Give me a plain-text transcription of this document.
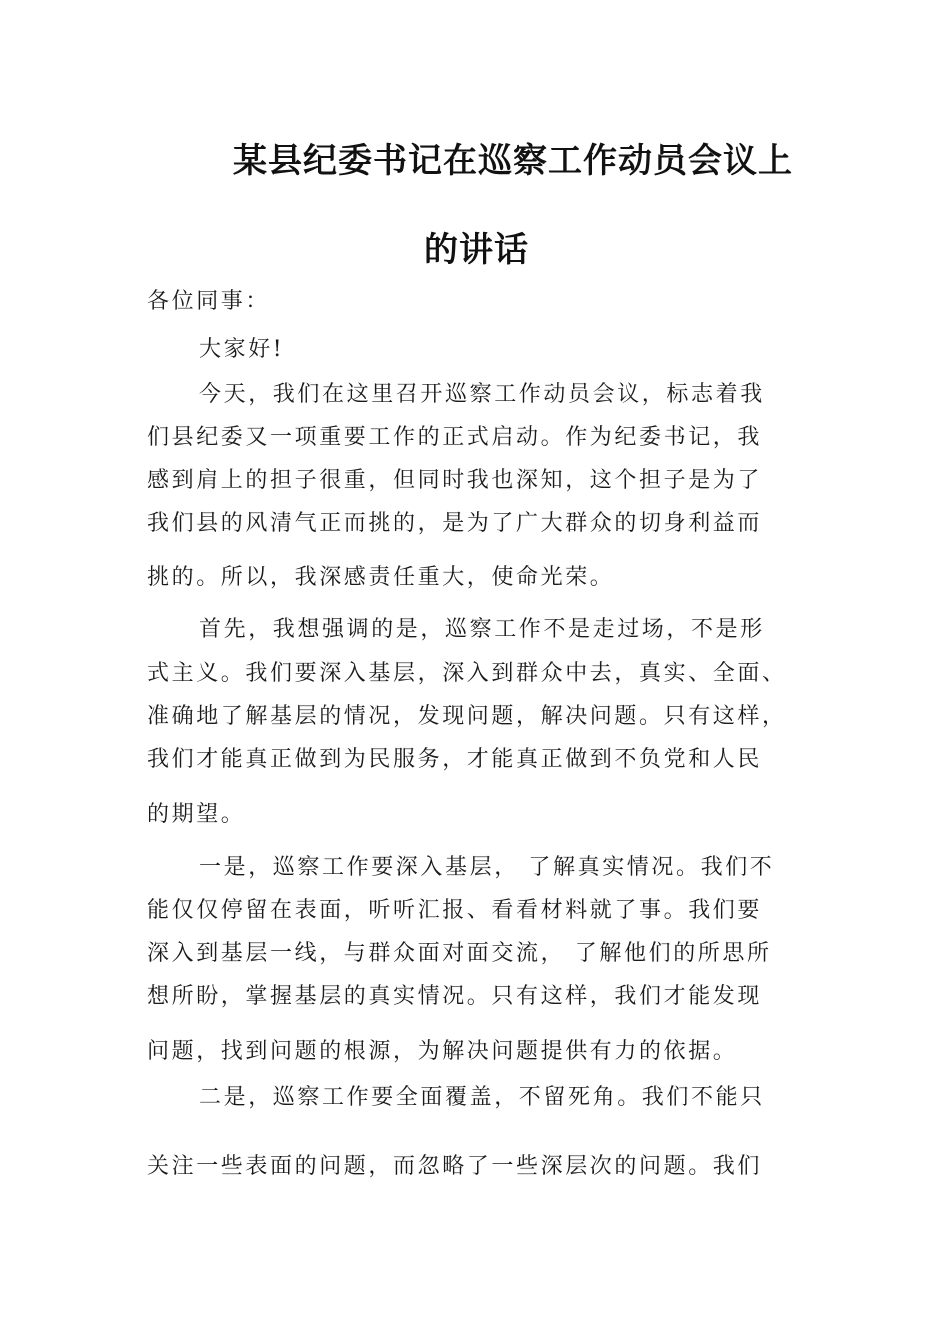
某县纪委书记在巡察工作动员会议上
的讲话
各位同事：
大家好!
今天，我们在这里召开巡察工作动员会议，标志着我
们县纪委又一项重要工作的正式启动。作为纪委书记，我
感到肩上的担子很重，但同时我也深知，这个担子是为了
我们县的风清气正而挑的，是为了广大群众的切身利益而
挑的。所以，我深感责任重大，使命光荣。
首先，我想强调的是，巡察工作不是走过场，不是形
式主义。我们要深入基层，深入到群众中去，真实、全面、
准确地了解基层的情况，发现问题，解决问题。只有这样，
我们才能真正做到为民服务，才能真正做到不负党和人民
的期望。
一是，巡察工作要深入基层， 了解真实情况。我们不
能仅仅停留在表面，听听汇报、看看材料就了事。我们要
深入到基层一线，与群众面对面交流， 了解他们的所思所
想所盼，掌握基层的真实情况。只有这样，我们才能发现
问题，找到问题的根源，为解决问题提供有力的依据。
二是，巡察工作要全面覆盖，不留死角。我们不能只
关注一些表面的问题，而忽略了一些深层次的问题。我们
